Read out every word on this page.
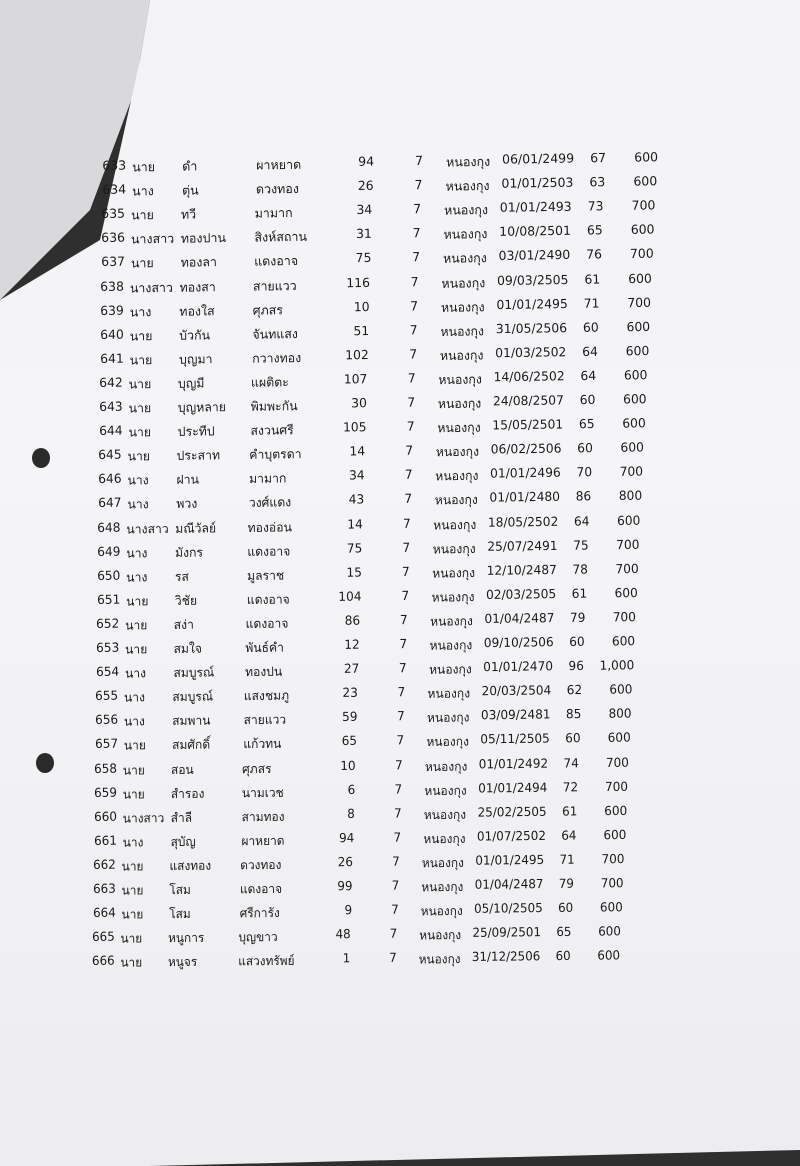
633 นาย ดำ	ผาหยาด	94	7 หนองกุง 06/01/2499	67	600
634 นาง ตุ่น	ดวงทอง	26	7 หนองกุง 01/01/2503	63	600
635 นาย ทวี	มามาก	34	7 หนองกุง 01/01/2493	73	700
636 นางสาว ทองปาน สิงห์สถาน	31	7 หนองกุง 10/08/2501	65	600
637 นาย ทองลา	แดงอาจ	75	7 หนองกุง 03/01/2490	76	700
638 นางสาว ทองสา	สายแวว	116	7 หนองกุง 09/03/2505	61	600
639 นาง ทองใส	ศุภสร	10	7 หนองกุง 01/01/2495	71	700
640 นาย บัวกัน	จันทแสง	51	7 หนองกุง 31/05/2506	60	600
641 นาย บุญมา	กวางทอง	102	7 หนองกุง 01/03/2502	64	600
642 นาย บุญมี	แผติตะ	107	7 หนองกุง 14/06/2502	64	600
643 นาย บุญหลาย พิมพะกัน	30	7 หนองกุง 24/08/2507	60	600
644 นาย ประทีป	สงวนศรี	105	7 หนองกุง 15/05/2501	65	600
645 นาย ประสาท คำบุตรดา	14	7 หนองกุง 06/02/2506	60	600
646 นาง ฝาน	มามาก	34	7 หนองกุง 01/01/2496	70	700
647 นาง พวง	วงศ์แดง	43	7 หนองกุง 01/01/2480	86	800
648 นางสาว มณีวัลย์ ทองอ่อน	14	7 หนองกุง 18/05/2502	64	600
649 นาง มังกร	แดงอาจ	75	7 หนองกุง 25/07/2491	75	700
650 นาง รส	มูลราช	15	7 หนองกุง 12/10/2487	78	700
651 นาย วิชัย	แดงอาจ	104	7 หนองกุง 02/03/2505	61	600
652 นาย สง่า	แดงอาจ	86	7 หนองกุง 01/04/2487	79	700
653 นาย สมใจ	พันธ์คำ	12	7 หนองกุง 09/10/2506	60	600
654 นาง สมบูรณ์ ทองปน	27	7 หนองกุง 01/01/2470	96	1,000
655 นาง สมบูรณ์ แสงชมภู	23	7 หนองกุง 20/03/2504	62	600
656 นาง สมพาน	สายแวว	59	7 หนองกุง 03/09/2481	85	800
657 นาย สมศักดิ์	แก้วทน	65	7 หนองกุง 05/11/2505	60	600
658 นาย สอน	ศุภสร	10	7 หนองกุง 01/01/2492	74	700
659 นาย สำรอง	นามเวช	6	7 หนองกุง 01/01/2494	72	700
660 นางสาว สำลี	สามทอง	8	7 หนองกุง 25/02/2505	61	600
661 นาง สุบัญ	ผาหยาด	94	7 หนองกุง 01/07/2502	64	600
662 นาย แสงทอง ดวงทอง	26	7 หนองกุง 01/01/2495	71	700
663 นาย โสม	แดงอาจ	99	7 หนองกุง 01/04/2487	79	700
664 นาย โสม	ศรีการัง	9	7 หนองกุง 05/10/2505	60	600
665 นาย หนูการ	บุญขาว	48	7 หนองกุง 25/09/2501	65	600
666 นาย หนูจร	แสวงทรัพย์	1	7 หนองกุง 31/12/2506	60	600
